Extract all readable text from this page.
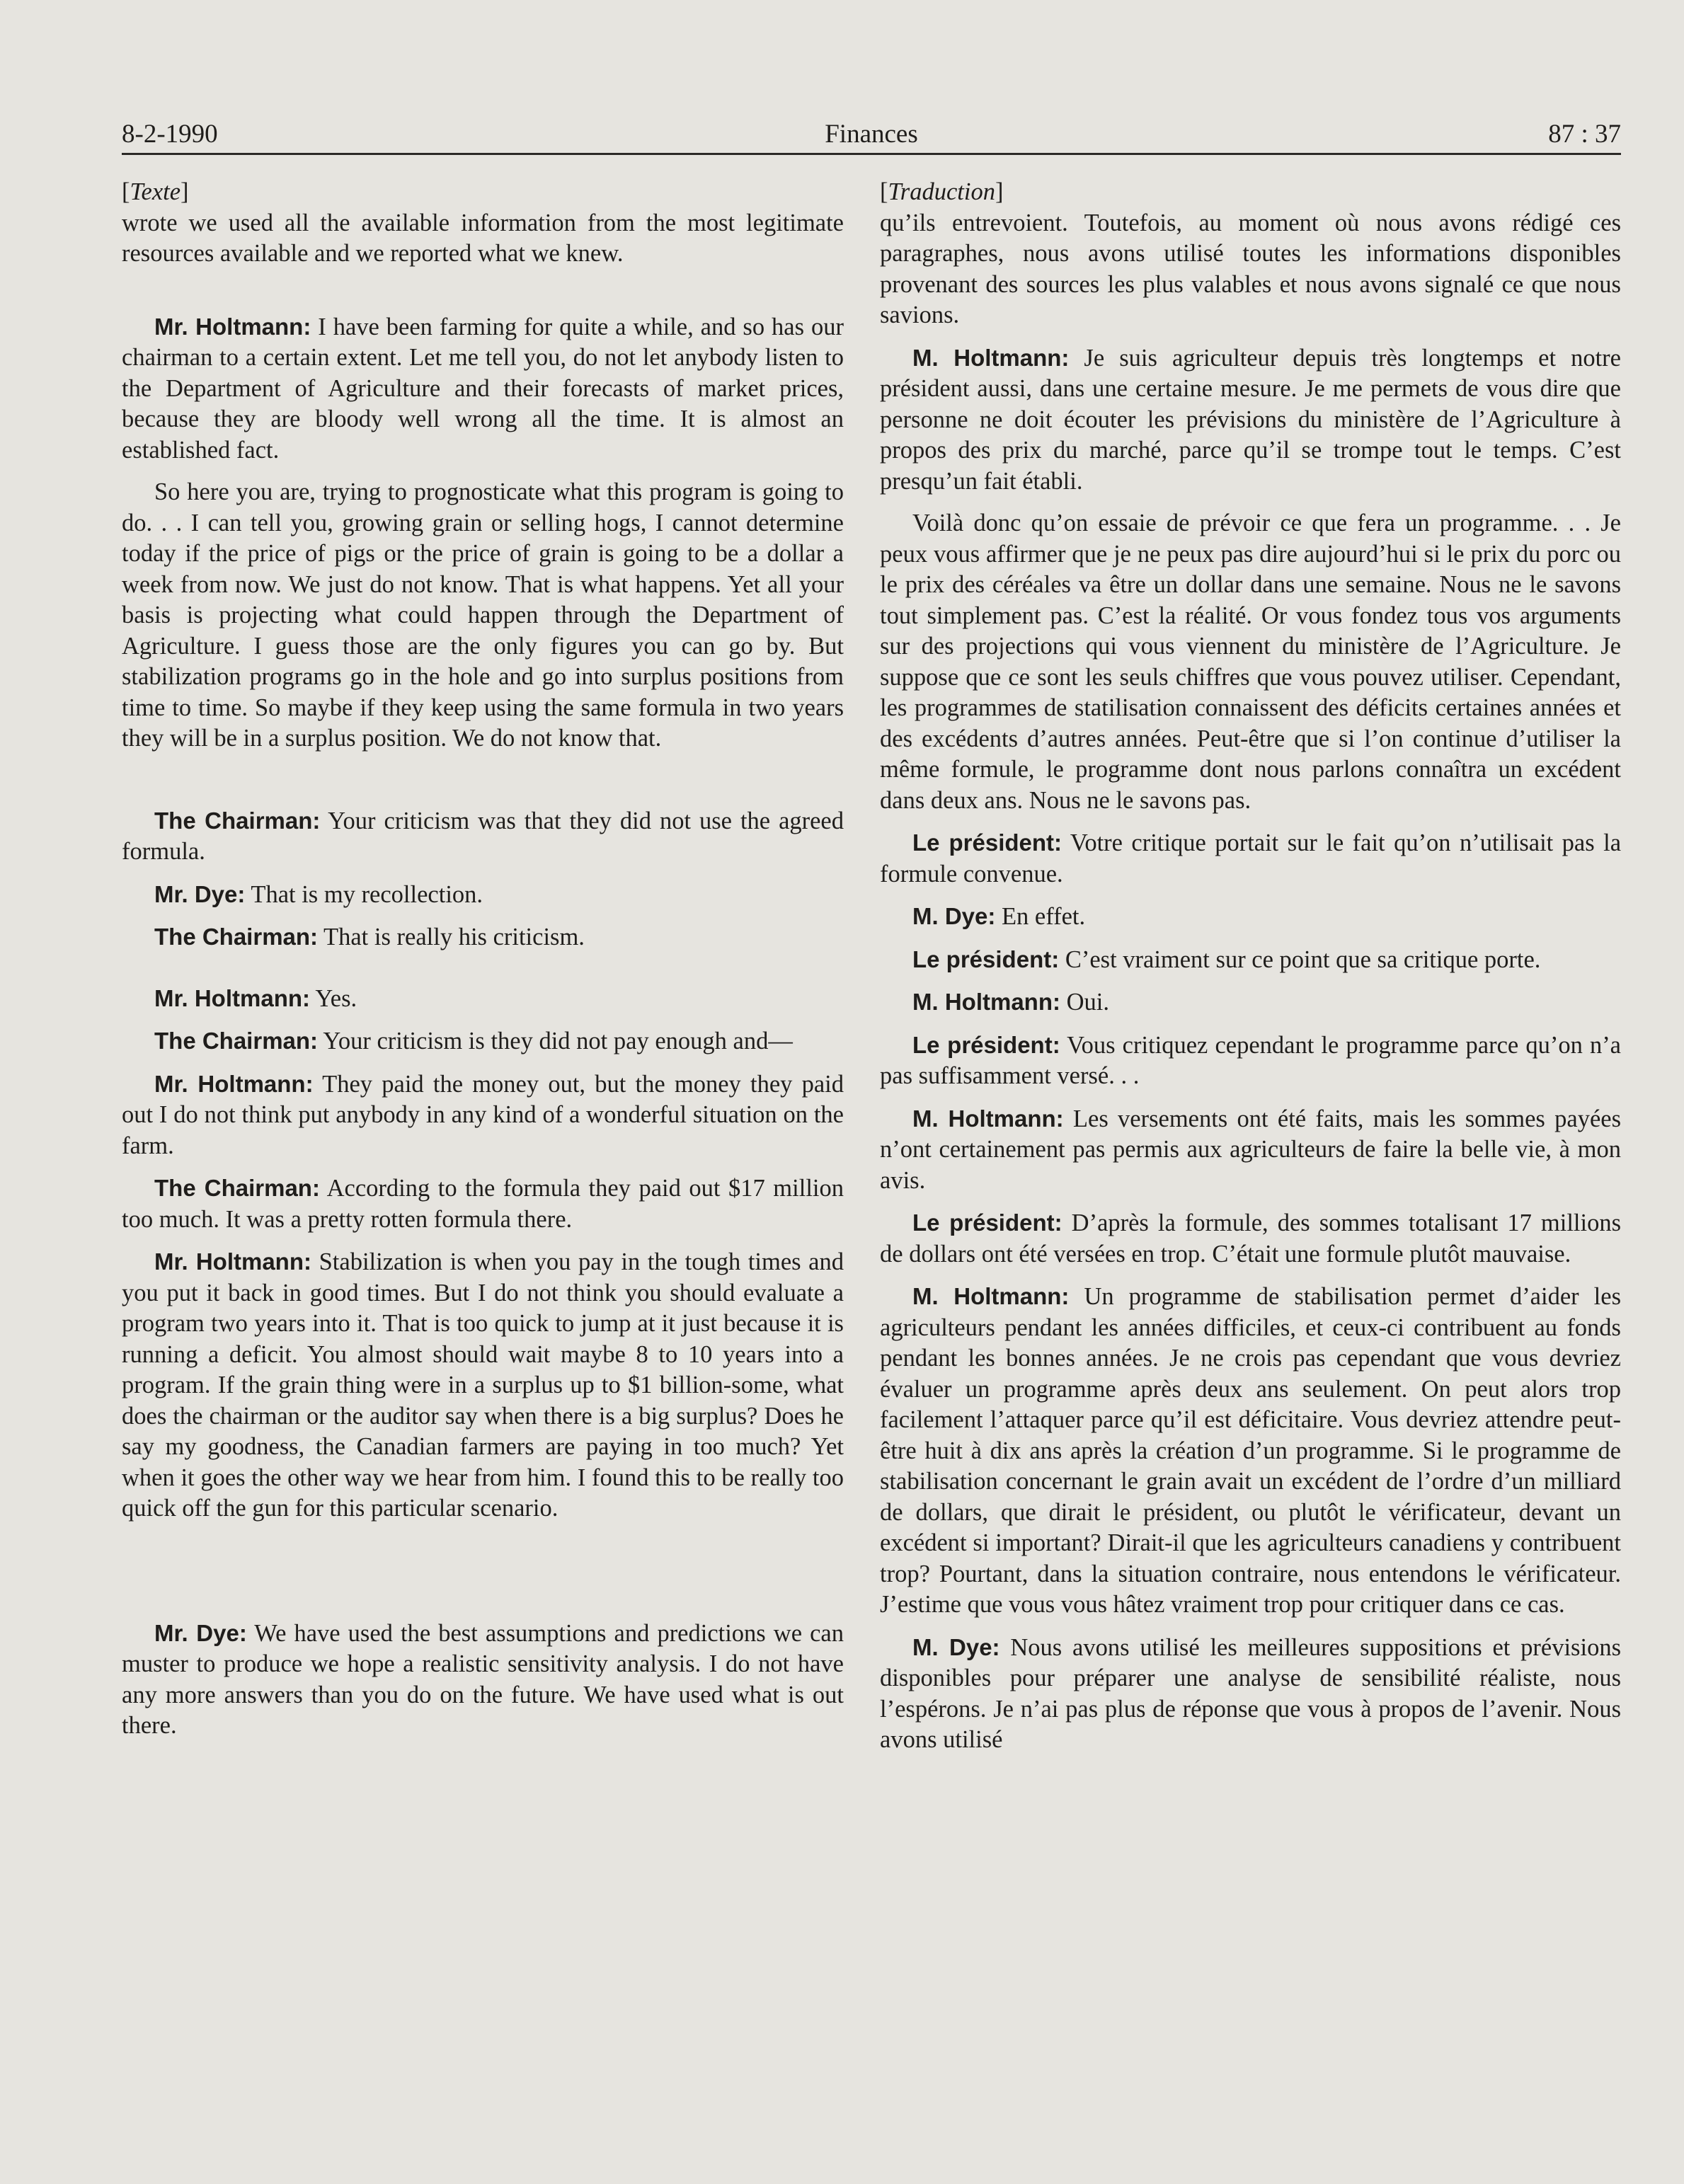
8-2-1990	Finances	87 : 37

[Texte]

wrote we used all the available information from the most legitimate resources available and we reported what we knew.

Mr. Holtmann: I have been farming for quite a while, and so has our chairman to a certain extent. Let me tell you, do not let anybody listen to the Department of Agriculture and their forecasts of market prices, because they are bloody well wrong all the time. It is almost an established fact.

So here you are, trying to prognosticate what this program is going to do. . . I can tell you, growing grain or selling hogs, I cannot determine today if the price of pigs or the price of grain is going to be a dollar a week from now. We just do not know. That is what happens. Yet all your basis is projecting what could happen through the Department of Agriculture. I guess those are the only figures you can go by. But stabilization programs go in the hole and go into surplus positions from time to time. So maybe if they keep using the same formula in two years they will be in a surplus position. We do not know that.

The Chairman: Your criticism was that they did not use the agreed formula.

Mr. Dye: That is my recollection.

The Chairman: That is really his criticism.

Mr. Holtmann: Yes.

The Chairman: Your criticism is they did not pay enough and—

Mr. Holtmann: They paid the money out, but the money they paid out I do not think put anybody in any kind of a wonderful situation on the farm.

The Chairman: According to the formula they paid out $17 million too much. It was a pretty rotten formula there.

Mr. Holtmann: Stabilization is when you pay in the tough times and you put it back in good times. But I do not think you should evaluate a program two years into it. That is too quick to jump at it just because it is running a deficit. You almost should wait maybe 8 to 10 years into a program. If the grain thing were in a surplus up to $1 billion-some, what does the chairman or the auditor say when there is a big surplus? Does he say my goodness, the Canadian farmers are paying in too much? Yet when it goes the other way we hear from him. I found this to be really too quick off the gun for this particular scenario.

Mr. Dye: We have used the best assumptions and predictions we can muster to produce we hope a realistic sensitivity analysis. I do not have any more answers than you do on the future. We have used what is out there.

[Traduction]

qu’ils entrevoient. Toutefois, au moment où nous avons rédigé ces paragraphes, nous avons utilisé toutes les informations disponibles provenant des sources les plus valables et nous avons signalé ce que nous savions.

M. Holtmann: Je suis agriculteur depuis très longtemps et notre président aussi, dans une certaine mesure. Je me permets de vous dire que personne ne doit écouter les prévisions du ministère de l’Agriculture à propos des prix du marché, parce qu’il se trompe tout le temps. C’est presqu’un fait établi.

Voilà donc qu’on essaie de prévoir ce que fera un programme. . . Je peux vous affirmer que je ne peux pas dire aujourd’hui si le prix du porc ou le prix des céréales va être un dollar dans une semaine. Nous ne le savons tout simplement pas. C’est la réalité. Or vous fondez tous vos arguments sur des projections qui vous viennent du ministère de l’Agriculture. Je suppose que ce sont les seuls chiffres que vous pouvez utiliser. Cependant, les programmes de statilisation connaissent des déficits certaines années et des excédents d’autres années. Peut-être que si l’on continue d’utiliser la même formule, le programme dont nous parlons connaîtra un excédent dans deux ans. Nous ne le savons pas.

Le président: Votre critique portait sur le fait qu’on n’utilisait pas la formule convenue.

M. Dye: En effet.

Le président: C’est vraiment sur ce point que sa critique porte.

M. Holtmann: Oui.

Le président: Vous critiquez cependant le programme parce qu’on n’a pas suffisamment versé. . .

M. Holtmann: Les versements ont été faits, mais les sommes payées n’ont certainement pas permis aux agriculteurs de faire la belle vie, à mon avis.

Le président: D’après la formule, des sommes totalisant 17 millions de dollars ont été versées en trop. C’était une formule plutôt mauvaise.

M. Holtmann: Un programme de stabilisation permet d’aider les agriculteurs pendant les années difficiles, et ceux-ci contribuent au fonds pendant les bonnes années. Je ne crois pas cependant que vous devriez évaluer un programme après deux ans seulement. On peut alors trop facilement l’attaquer parce qu’il est déficitaire. Vous devriez attendre peut-être huit à dix ans après la création d’un programme. Si le programme de stabilisation concernant le grain avait un excédent de l’ordre d’un milliard de dollars, que dirait le président, ou plutôt le vérificateur, devant un excédent si important? Dirait-il que les agriculteurs canadiens y contribuent trop? Pourtant, dans la situation contraire, nous entendons le vérificateur. J’estime que vous vous hâtez vraiment trop pour critiquer dans ce cas.

M. Dye: Nous avons utilisé les meilleures suppositions et prévisions disponibles pour préparer une analyse de sensibilité réaliste, nous l’espérons. Je n’ai pas plus de réponse que vous à propos de l’avenir. Nous avons utilisé
